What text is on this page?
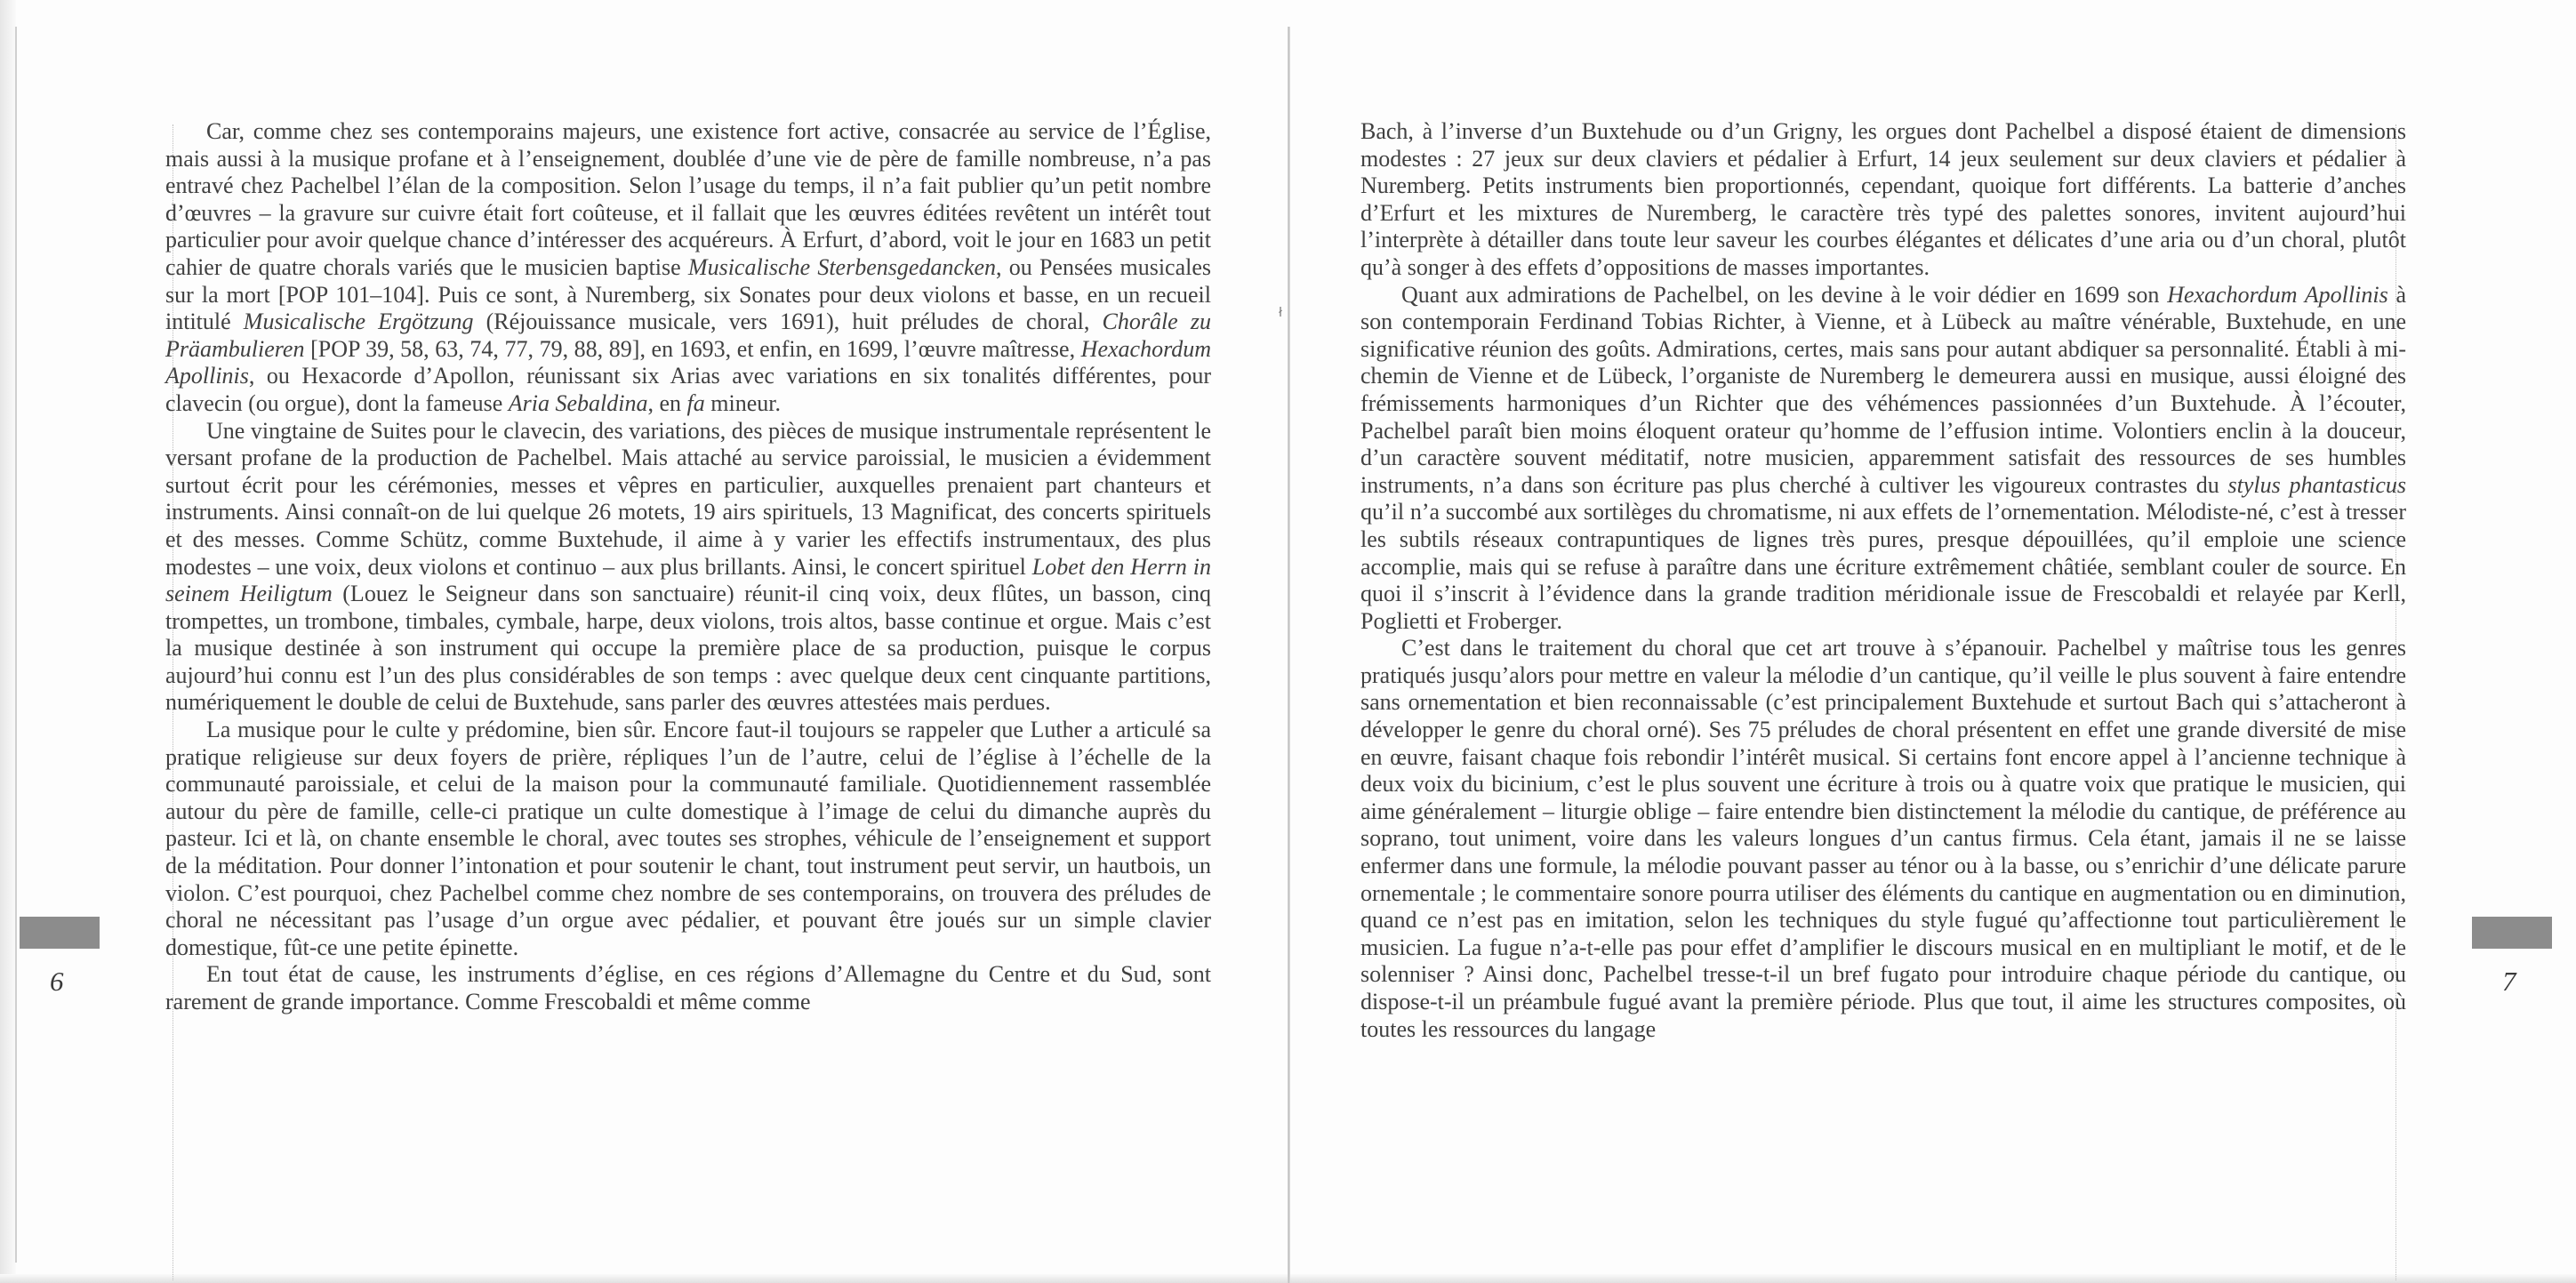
ł
6	7

Car, comme chez ses contemporains majeurs, une existence fort active, consacrée au service de l’Église, mais aussi à la musique profane et à l’enseignement, doublée d’une vie de père de famille nombreuse, n’a pas entravé chez Pachelbel l’élan de la composition. Selon l’usage du temps, il n’a fait publier qu’un petit nombre d’œuvres – la gravure sur cuivre était fort coûteuse, et il fallait que les œuvres éditées revêtent un intérêt tout particulier pour avoir quelque chance d’intéresser des acquéreurs. À Erfurt, d’abord, voit le jour en 1683 un petit cahier de quatre chorals variés que le musicien baptise Musicalische Sterbensgedancken, ou Pensées musicales sur la mort [POP 101–104]. Puis ce sont, à Nuremberg, six Sonates pour deux violons et basse, en un recueil intitulé Musicalische Ergötzung (Réjouissance musicale, vers 1691), huit préludes de choral, Chorâle zu Präambulieren [POP 39, 58, 63, 74, 77, 79, 88, 89], en 1693, et enfin, en 1699, l’œuvre maîtresse, Hexachordum Apollinis, ou Hexacorde d’Apollon, réunissant six Arias avec variations en six tonalités différentes, pour clavecin (ou orgue), dont la fameuse Aria Sebaldina, en fa mineur.

Une vingtaine de Suites pour le clavecin, des variations, des pièces de musique instrumentale représentent le versant profane de la production de Pachelbel. Mais attaché au service paroissial, le musicien a évidemment surtout écrit pour les cérémonies, messes et vêpres en particulier, auxquelles prenaient part chanteurs et instruments. Ainsi connaît-on de lui quelque 26 motets, 19 airs spirituels, 13 Magnificat, des concerts spirituels et des messes. Comme Schütz, comme Buxtehude, il aime à y varier les effectifs instrumentaux, des plus modestes – une voix, deux violons et continuo – aux plus brillants. Ainsi, le concert spirituel Lobet den Herrn in seinem Heiligtum (Louez le Seigneur dans son sanctuaire) réunit-il cinq voix, deux flûtes, un basson, cinq trompettes, un trombone, timbales, cymbale, harpe, deux violons, trois altos, basse continue et orgue. Mais c’est la musique destinée à son instrument qui occupe la première place de sa production, puisque le corpus aujourd’hui connu est l’un des plus considérables de son temps : avec quelque deux cent cinquante partitions, numériquement le double de celui de Buxtehude, sans parler des œuvres attestées mais perdues.

La musique pour le culte y prédomine, bien sûr. Encore faut-il toujours se rappeler que Luther a articulé sa pratique religieuse sur deux foyers de prière, répliques l’un de l’autre, celui de l’église à l’échelle de la communauté paroissiale, et celui de la maison pour la communauté familiale. Quotidiennement rassemblée autour du père de famille, celle-ci pratique un culte domestique à l’image de celui du dimanche auprès du pasteur. Ici et là, on chante ensemble le choral, avec toutes ses strophes, véhicule de l’enseignement et support de la méditation. Pour donner l’intonation et pour soutenir le chant, tout instrument peut servir, un hautbois, un violon. C’est pourquoi, chez Pachelbel comme chez nombre de ses contemporains, on trouvera des préludes de choral ne nécessitant pas l’usage d’un orgue avec pédalier, et pouvant être joués sur un simple clavier domestique, fût-ce une petite épinette.

En tout état de cause, les instruments d’église, en ces régions d’Allemagne du Centre et du Sud, sont rarement de grande importance. Comme Frescobaldi et même comme

Bach, à l’inverse d’un Buxtehude ou d’un Grigny, les orgues dont Pachelbel a disposé étaient de dimensions modestes : 27 jeux sur deux claviers et pédalier à Erfurt, 14 jeux seulement sur deux claviers et pédalier à Nuremberg. Petits instruments bien proportionnés, cependant, quoique fort différents. La batterie d’anches d’Erfurt et les mixtures de Nuremberg, le caractère très typé des palettes sonores, invitent aujourd’hui l’interprète à détailler dans toute leur saveur les courbes élégantes et délicates d’une aria ou d’un choral, plutôt qu’à songer à des effets d’oppositions de masses importantes.

Quant aux admirations de Pachelbel, on les devine à le voir dédier en 1699 son Hexachordum Apollinis à son contemporain Ferdinand Tobias Richter, à Vienne, et à Lübeck au maître vénérable, Buxtehude, en une significative réunion des goûts. Admirations, certes, mais sans pour autant abdiquer sa personnalité. Établi à mi-chemin de Vienne et de Lübeck, l’organiste de Nuremberg le demeurera aussi en musique, aussi éloigné des frémissements harmoniques d’un Richter que des véhémences passionnées d’un Buxtehude. À l’écouter, Pachelbel paraît bien moins éloquent orateur qu’homme de l’effusion intime. Volontiers enclin à la douceur, d’un caractère souvent méditatif, notre musicien, apparemment satisfait des ressources de ses humbles instruments, n’a dans son écriture pas plus cherché à cultiver les vigoureux contrastes du stylus phantasticus qu’il n’a succombé aux sortilèges du chromatisme, ni aux effets de l’ornementation. Mélodiste-né, c’est à tresser les subtils réseaux contrapuntiques de lignes très pures, presque dépouillées, qu’il emploie une science accomplie, mais qui se refuse à paraître dans une écriture extrêmement châtiée, semblant couler de source. En quoi il s’inscrit à l’évidence dans la grande tradition méridionale issue de Frescobaldi et relayée par Kerll, Poglietti et Froberger.

C’est dans le traitement du choral que cet art trouve à s’épanouir. Pachelbel y maîtrise tous les genres pratiqués jusqu’alors pour mettre en valeur la mélodie d’un cantique, qu’il veille le plus souvent à faire entendre sans ornementation et bien reconnaissable (c’est principalement Buxtehude et surtout Bach qui s’attacheront à développer le genre du choral orné). Ses 75 préludes de choral présentent en effet une grande diversité de mise en œuvre, faisant chaque fois rebondir l’intérêt musical. Si certains font encore appel à l’ancienne technique à deux voix du bicinium, c’est le plus souvent une écriture à trois ou à quatre voix que pratique le musicien, qui aime généralement – liturgie oblige – faire entendre bien distinctement la mélodie du cantique, de préférence au soprano, tout uniment, voire dans les valeurs longues d’un cantus firmus. Cela étant, jamais il ne se laisse enfermer dans une formule, la mélodie pouvant passer au ténor ou à la basse, ou s’enrichir d’une délicate parure ornementale ; le commentaire sonore pourra utiliser des éléments du cantique en augmentation ou en diminution, quand ce n’est pas en imitation, selon les techniques du style fugué qu’affectionne tout particulièrement le musicien. La fugue n’a-t-elle pas pour effet d’amplifier le discours musical en en multipliant le motif, et de le solenniser ? Ainsi donc, Pachelbel tresse-t-il un bref fugato pour introduire chaque période du cantique, ou dispose-t-il un préambule fugué avant la première période. Plus que tout, il aime les structures composites, où toutes les ressources du langage
